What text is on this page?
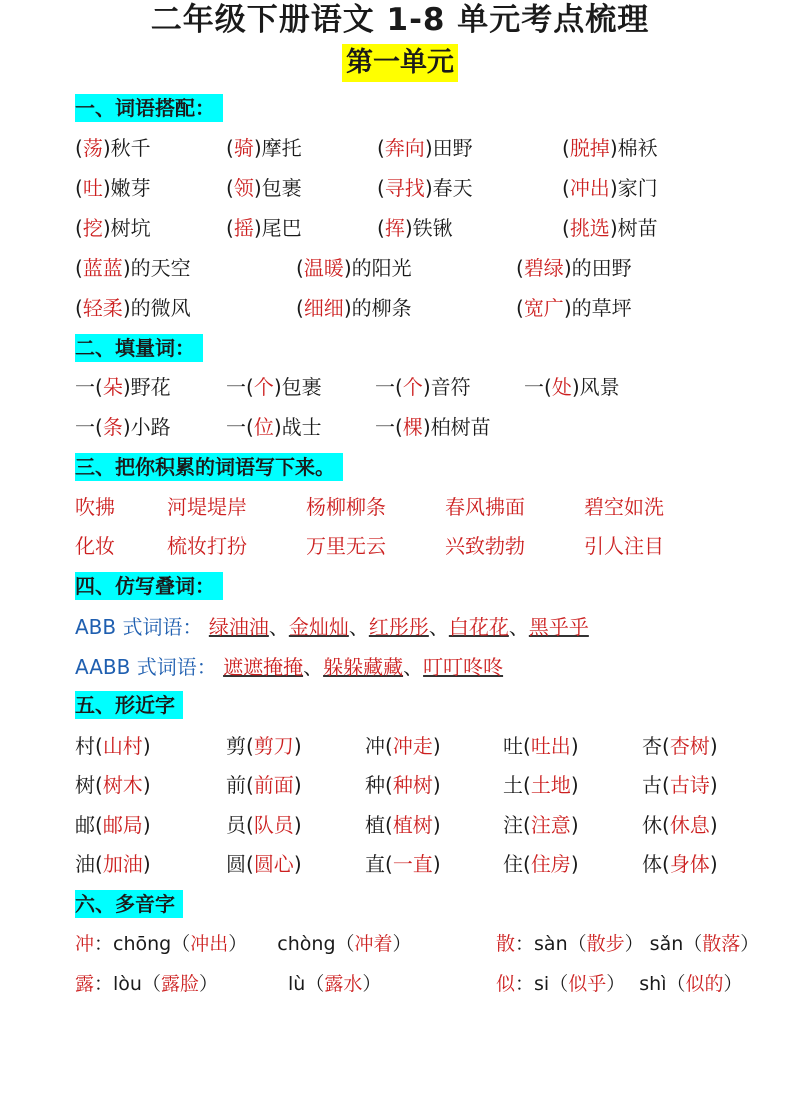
二年级下册语文 1-8 单元考点梳理
第一单元
一、词语搭配：
二、填量词：
三、把你积累的词语写下来。
四、仿写叠词：
ABB 式词语： 绿油油、金灿灿、红彤彤、白花花、黑乎乎
AABB 式词语： 遮遮掩掩、躲躲藏藏、叮叮咚咚
五、形近字
六、多音字
(荡)秋千	(骑)摩托	(奔向)田野	(脱掉)棉袄
(吐)嫩芽	(领)包裹	(寻找)春天	(冲出)家门
(挖)树坑	(摇)尾巴	(挥)铁锹	(挑选)树苗
(蓝蓝)的天空	(温暖)的阳光	(碧绿)的田野
(轻柔)的微风	(细细)的柳条	(宽广)的草坪
一(朵)野花	一(个)包裹	一(个)音符	一(处)风景
一(条)小路	一(位)战士	一(棵)柏树苗
吹拂	河堤堤岸	杨柳柳条	春风拂面	碧空如洗
化妆	梳妆打扮	万里无云	兴致勃勃	引人注目
村(山村)	剪(剪刀)	冲(冲走)	吐(吐出)	杏(杏树)
树(树木)	前(前面)	种(种树)	土(土地)	古(古诗)
邮(邮局)	员(队员)	植(植树)	注(注意)	休(休息)
油(加油)	圆(圆心)	直(一直)	住(住房)	体(身体)
冲：chōng（冲出） chòng（冲着）	散：sàn（散步） sǎn（散落）
露：lòu（露脸）	lù（露水）	似：si（似乎） shì（似的）
